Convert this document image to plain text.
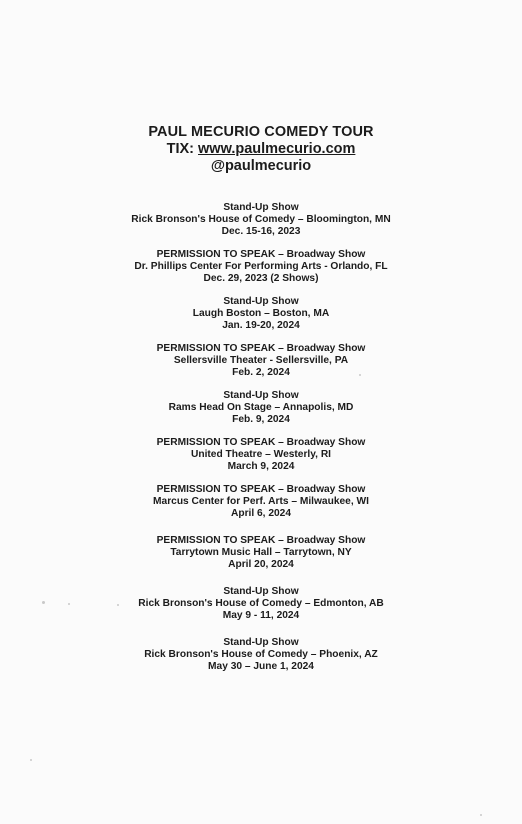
PAUL MECURIO COMEDY TOUR
TIX: www.paulmecurio.com
@paulmecurio
Stand-Up Show
Rick Bronson's House of Comedy – Bloomington, MN
Dec. 15-16, 2023
PERMISSION TO SPEAK – Broadway Show
Dr. Phillips Center For Performing Arts - Orlando, FL
Dec. 29, 2023 (2 Shows)
Stand-Up Show
Laugh Boston – Boston, MA
Jan. 19-20, 2024
PERMISSION TO SPEAK – Broadway Show
Sellersville Theater - Sellersville, PA
Feb. 2, 2024
Stand-Up Show
Rams Head On Stage – Annapolis, MD
Feb. 9, 2024
PERMISSION TO SPEAK – Broadway Show
United Theatre – Westerly, RI
March 9, 2024
PERMISSION TO SPEAK – Broadway Show
Marcus Center for Perf. Arts – Milwaukee, WI
April 6, 2024
PERMISSION TO SPEAK – Broadway Show
Tarrytown Music Hall – Tarrytown, NY
April 20, 2024
Stand-Up Show
Rick Bronson's House of Comedy – Edmonton, AB
May 9 - 11, 2024
Stand-Up Show
Rick Bronson's House of Comedy – Phoenix, AZ
May 30 – June 1, 2024
